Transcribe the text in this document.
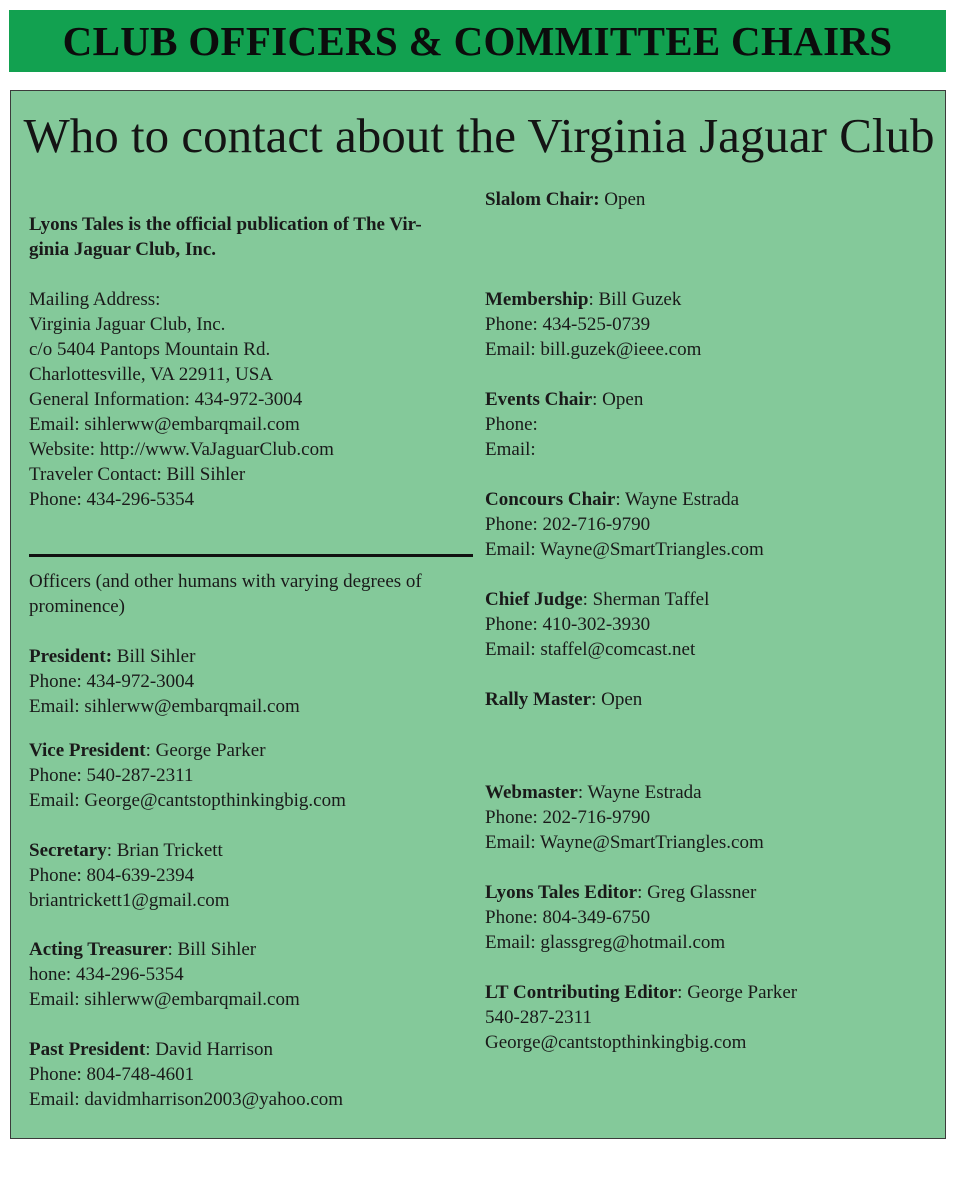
CLUB OFFICERS & COMMITTEE CHAIRS
Who to contact about the Virginia Jaguar Club
Lyons Tales is the official publication of The Vir-
ginia Jaguar Club, Inc.
Mailing Address:
Virginia Jaguar Club, Inc.
c/o 5404 Pantops Mountain Rd.
Charlottesville, VA 22911, USA
General Information: 434-972-3004
Email: sihlerww@embarqmail.com
Website: http://www.VaJaguarClub.com
Traveler Contact: Bill Sihler
Phone: 434-296-5354
Officers (and other humans with varying degrees of
prominence)
President: Bill Sihler
Phone: 434-972-3004
Email: sihlerww@embarqmail.com
Vice President: George Parker
Phone: 540-287-2311
Email: George@cantstopthinkingbig.com
Secretary: Brian Trickett
Phone: 804-639-2394
briantrickett1@gmail.com
Acting Treasurer: Bill Sihler
hone: 434-296-5354
Email: sihlerww@embarqmail.com
Past President: David Harrison
Phone: 804-748-4601
Email: davidmharrison2003@yahoo.com
Slalom Chair: Open
Membership: Bill Guzek
Phone: 434-525-0739
Email: bill.guzek@ieee.com
Events Chair: Open
Phone:
Email:
Concours Chair: Wayne Estrada
Phone: 202-716-9790
Email: Wayne@SmartTriangles.com
Chief Judge: Sherman Taffel
Phone: 410-302-3930
Email: staffel@comcast.net
Rally Master: Open
Webmaster: Wayne Estrada
Phone: 202-716-9790
Email: Wayne@SmartTriangles.com
Lyons Tales Editor: Greg Glassner
Phone: 804-349-6750
Email: glassgreg@hotmail.com
LT Contributing Editor: George Parker
540-287-2311
George@cantstopthinkingbig.com
